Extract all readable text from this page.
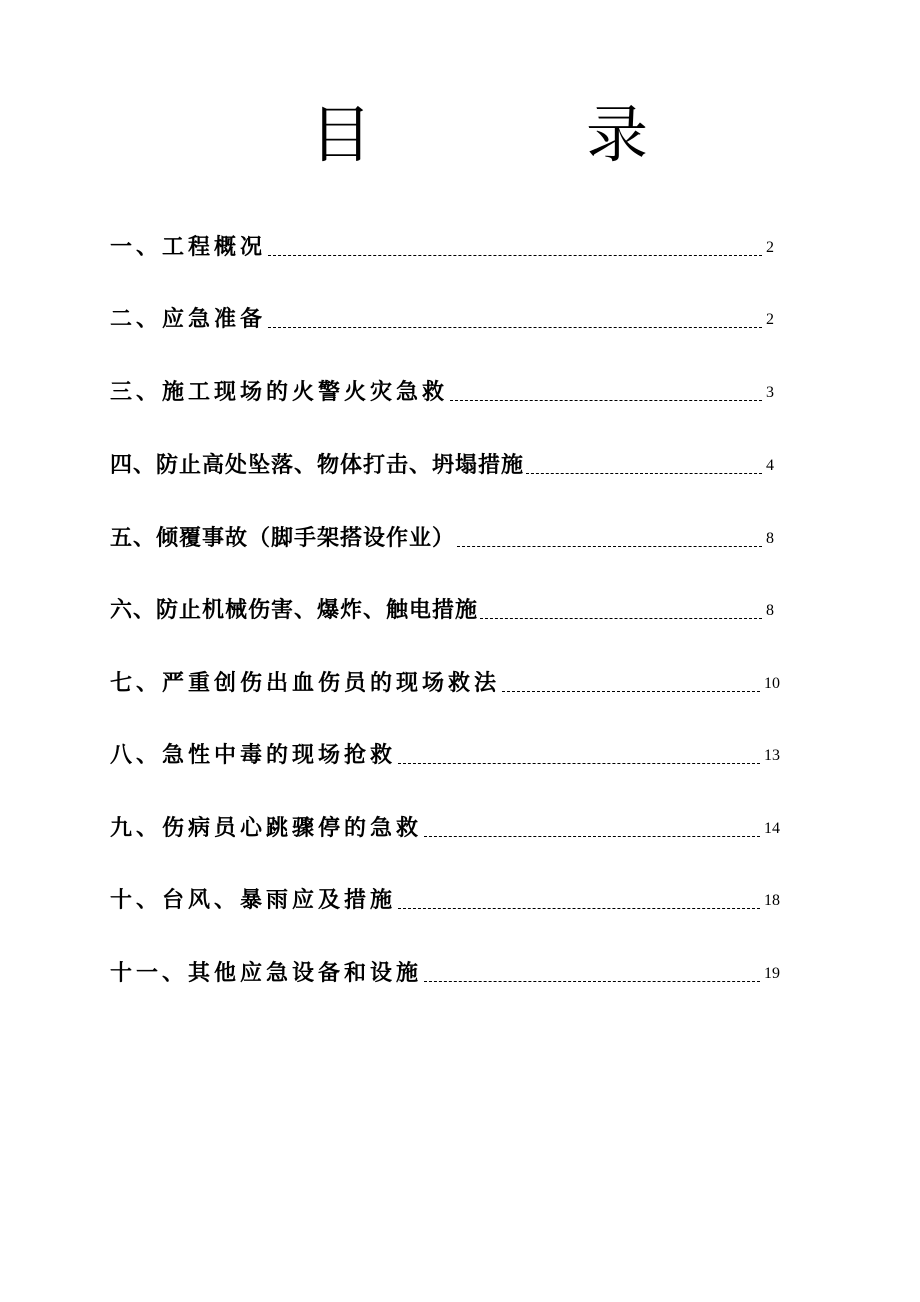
目	录
一、工程概况	2
二、应急准备	2
三、施工现场的火警火灾急救	3
四、防止高处坠落、物体打击、坍塌措施	4
五、倾覆事故（脚手架搭设作业）	8
六、防止机械伤害、爆炸、触电措施	8
七、严重创伤出血伤员的现场救法	10
八、急性中毒的现场抢救	13
九、伤病员心跳骤停的急救	14
十、台风、暴雨应及措施	18
十一、其他应急设备和设施	19
